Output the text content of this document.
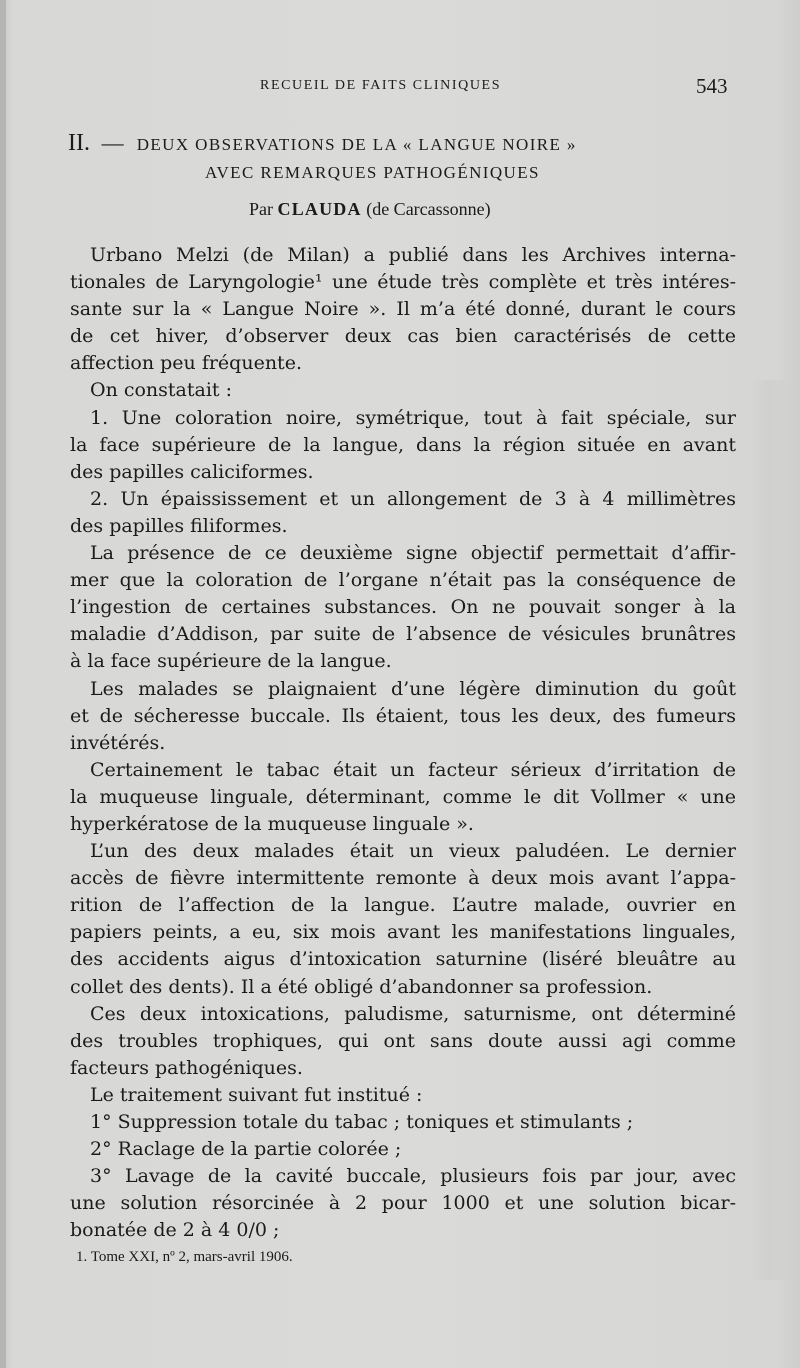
RECUEIL DE FAITS CLINIQUES	543
II. — DEUX OBSERVATIONS DE LA « LANGUE NOIRE »
AVEC REMARQUES PATHOGÉNIQUES
Par CLAUDA (de Carcassonne)
Urbano Melzi (de Milan) a publié dans les Archives interna-
tionales de Laryngologie¹ une étude très complète et très intéres-
sante sur la « Langue Noire ». Il m’a été donné, durant le cours
de cet hiver, d’observer deux cas bien caractérisés de cette
affection peu fréquente.
On constatait :
1. Une coloration noire, symétrique, tout à fait spéciale, sur
la face supérieure de la langue, dans la région située en avant
des papilles caliciformes.
2. Un épaississement et un allongement de 3 à 4 millimètres
des papilles filiformes.
La présence de ce deuxième signe objectif permettait d’affir-
mer que la coloration de l’organe n’était pas la conséquence de
l’ingestion de certaines substances. On ne pouvait songer à la
maladie d’Addison, par suite de l’absence de vésicules brunâtres
à la face supérieure de la langue.
Les malades se plaignaient d’une légère diminution du goût
et de sécheresse buccale. Ils étaient, tous les deux, des fumeurs
invétérés.
Certainement le tabac était un facteur sérieux d’irritation de
la muqueuse linguale, déterminant, comme le dit Vollmer « une
hyperkératose de la muqueuse linguale ».
L’un des deux malades était un vieux paludéen. Le dernier
accès de fièvre intermittente remonte à deux mois avant l’appa-
rition de l’affection de la langue. L’autre malade, ouvrier en
papiers peints, a eu, six mois avant les manifestations linguales,
des accidents aigus d’intoxication saturnine (liséré bleuâtre au
collet des dents). Il a été obligé d’abandonner sa profession.
Ces deux intoxications, paludisme, saturnisme, ont déterminé
des troubles trophiques, qui ont sans doute aussi agi comme
facteurs pathogéniques.
Le traitement suivant fut institué :
1° Suppression totale du tabac ; toniques et stimulants ;
2° Raclage de la partie colorée ;
3° Lavage de la cavité buccale, plusieurs fois par jour, avec
une solution résorcinée à 2 pour 1000 et une solution bicar-
bonatée de 2 à 4 0/0 ;
1. Tome XXI, nº 2, mars-avril 1906.
